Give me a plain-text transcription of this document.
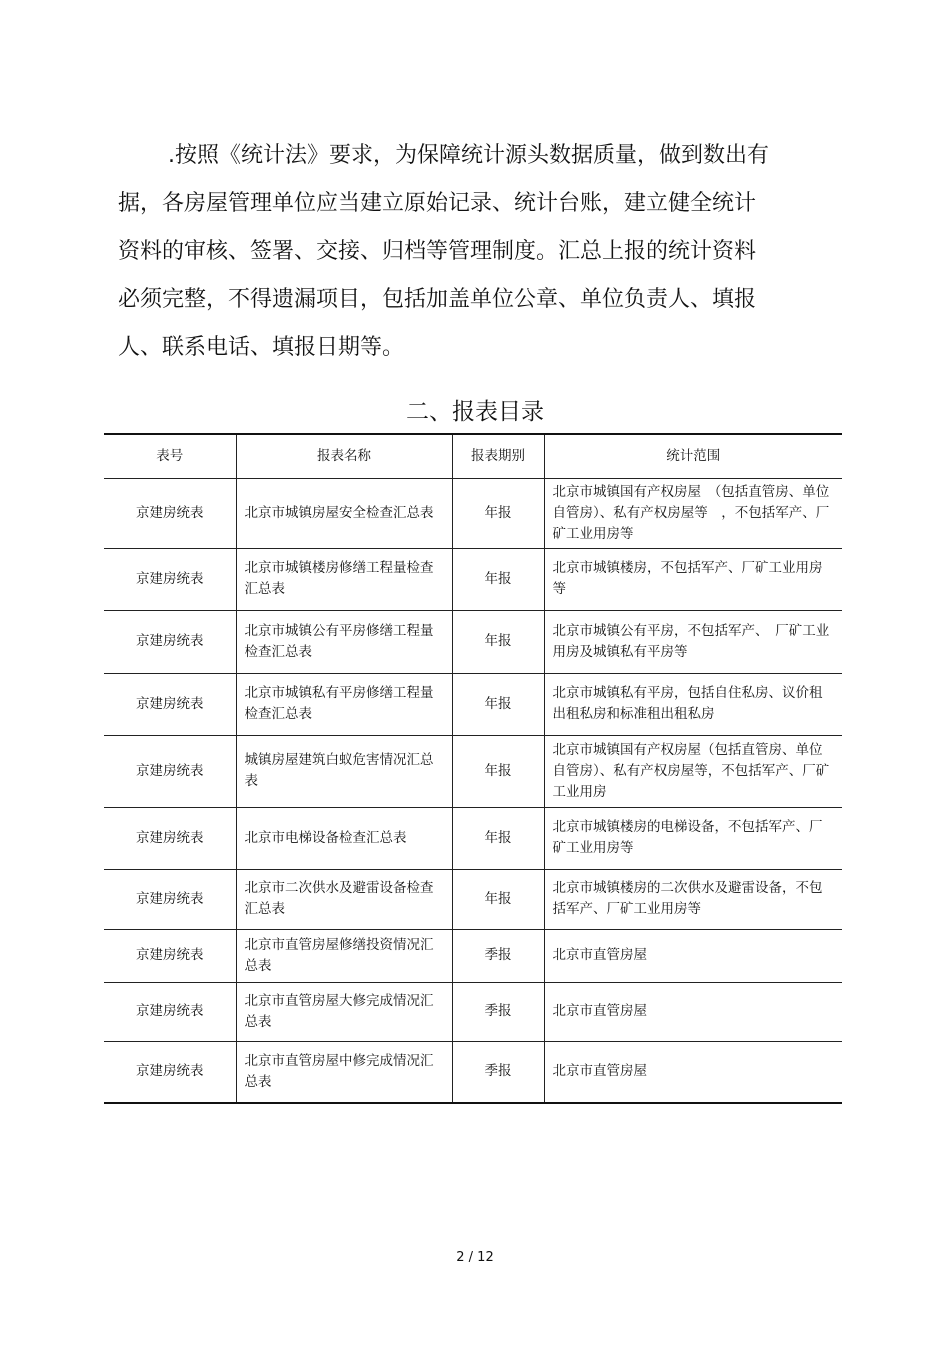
.按照《统计法》要求，为保障统计源头数据质量，做到数出有
据，各房屋管理单位应当建立原始记录、统计台账，建立健全统计
资料的审核、签署、交接、归档等管理制度。汇总上报的统计资料
必须完整，不得遗漏项目，包括加盖单位公章、单位负责人、填报
人、联系电话、填报日期等。
二、报表目录
表号	报表名称	报表期别	统计范围
京建房统表	北京市城镇房屋安全检查汇总表	年报	北京市城镇国有产权房屋　（包括直管房、单位自管房）、私有产权房屋等　，不包括军产、厂矿工业用房等
京建房统表	北京市城镇楼房修缮工程量检查汇总表	年报	北京市城镇楼房，不包括军产、厂矿工业用房等
京建房统表	北京市城镇公有平房修缮工程量检查汇总表	年报	北京市城镇公有平房，不包括军产、　厂矿工业用房及城镇私有平房等
京建房统表	北京市城镇私有平房修缮工程量检查汇总表	年报	北京市城镇私有平房，包括自住私房、议价租出租私房和标准租出租私房
京建房统表	城镇房屋建筑白蚁危害情况汇总表	年报	北京市城镇国有产权房屋（包括直管房、单位自管房）、私有产权房屋等，不包括军产、厂矿工业用房
京建房统表	北京市电梯设备检查汇总表	年报	北京市城镇楼房的电梯设备，不包括军产、厂矿工业用房等
京建房统表	北京市二次供水及避雷设备检查汇总表	年报	北京市城镇楼房的二次供水及避雷设备，不包括军产、厂矿工业用房等
京建房统表	北京市直管房屋修缮投资情况汇总表	季报	北京市直管房屋
京建房统表	北京市直管房屋大修完成情况汇总表	季报	北京市直管房屋
京建房统表	北京市直管房屋中修完成情况汇总表	季报	北京市直管房屋
2 / 12
